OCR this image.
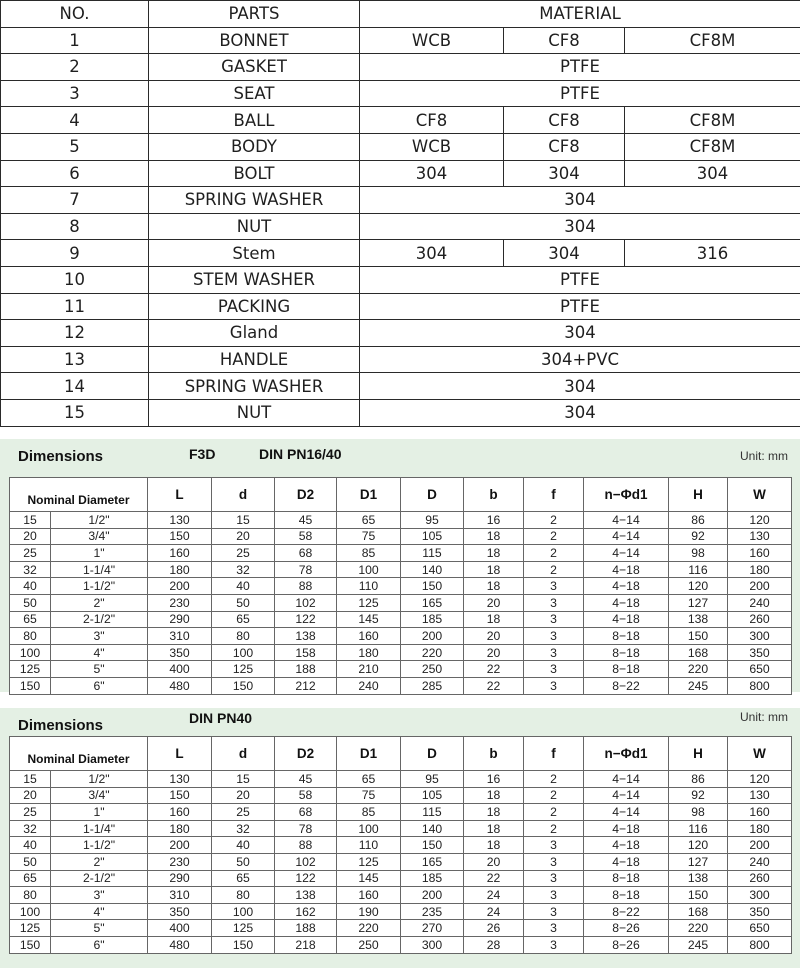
NO.	PARTS	MATERIAL		
1	BONNET	WCB	CF8	CF8M
2	GASKET	PTFE		
3	SEAT	PTFE		
4	BALL	CF8	CF8	CF8M
5	BODY	WCB	CF8	CF8M
6	BOLT	304	304	304
7	SPRING WASHER	304		
8	NUT	304		
9	Stem	304	304	316
10	STEM WASHER	PTFE		
11	PACKING	PTFE		
12	Gland	304		
13	HANDLE	304+PVC		
14	SPRING WASHER	304		
15	NUT	304		
Dimensions	F3D	DIN PN16/40	Unit: mm
Nominal Diameter		L	d	D2	D1	D	b	f	n−Φd1	H	W
15	1/2"	130	15	45	65	95	16	2	4−14	86	120
20	3/4"	150	20	58	75	105	18	2	4−14	92	130
25	1"	160	25	68	85	115	18	2	4−14	98	160
32	1-1/4"	180	32	78	100	140	18	2	4−18	116	180
40	1-1/2"	200	40	88	110	150	18	3	4−18	120	200
50	2"	230	50	102	125	165	20	3	4−18	127	240
65	2-1/2"	290	65	122	145	185	18	3	4−18	138	260
80	3"	310	80	138	160	200	20	3	8−18	150	300
100	4"	350	100	158	180	220	20	3	8−18	168	350
125	5"	400	125	188	210	250	22	3	8−18	220	650
150	6"	480	150	212	240	285	22	3	8−22	245	800
Dimensions	DIN PN40	Unit: mm
Nominal Diameter		L	d	D2	D1	D	b	f	n−Φd1	H	W
15	1/2"	130	15	45	65	95	16	2	4−14	86	120
20	3/4"	150	20	58	75	105	18	2	4−14	92	130
25	1"	160	25	68	85	115	18	2	4−14	98	160
32	1-1/4"	180	32	78	100	140	18	2	4−18	116	180
40	1-1/2"	200	40	88	110	150	18	3	4−18	120	200
50	2"	230	50	102	125	165	20	3	4−18	127	240
65	2-1/2"	290	65	122	145	185	22	3	8−18	138	260
80	3"	310	80	138	160	200	24	3	8−18	150	300
100	4"	350	100	162	190	235	24	3	8−22	168	350
125	5"	400	125	188	220	270	26	3	8−26	220	650
150	6"	480	150	218	250	300	28	3	8−26	245	800
